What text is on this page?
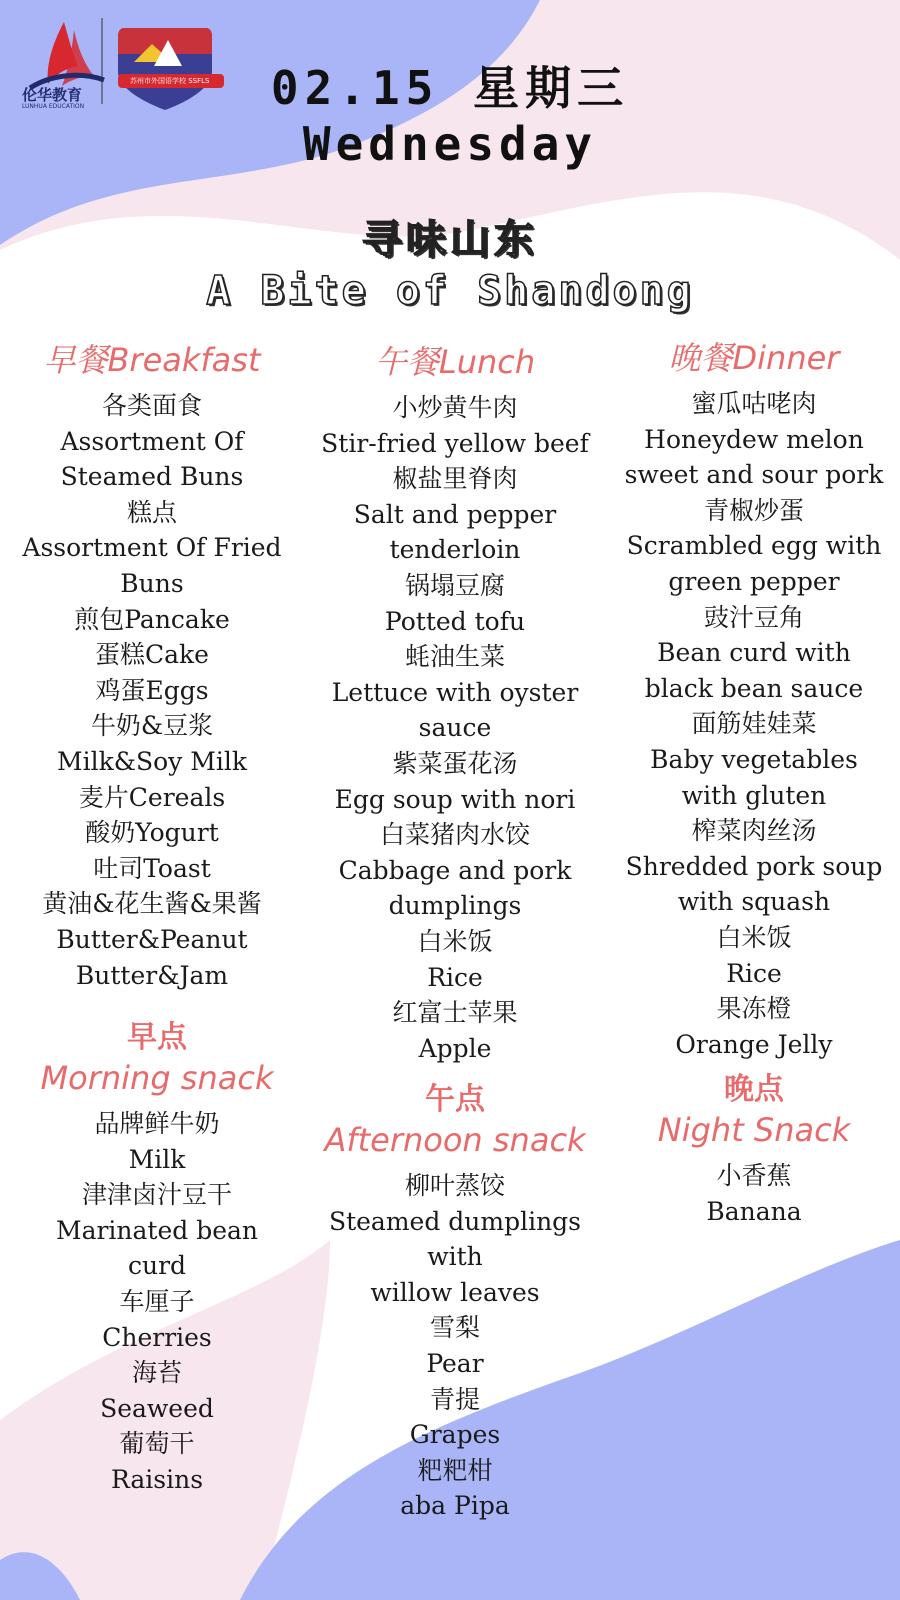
伦华教育
LUNHUA EDUCATION
苏州市外国语学校 SSFLS	02.15 星期三
Wednesday
寻味山东
A Bite of Shandong
早餐Breakfast
各类面食
Assortment Of
Steamed Buns
糕点
Assortment Of Fried
Buns
煎包Pancake
蛋糕Cake
鸡蛋Eggs
牛奶&豆浆
Milk&Soy Milk
麦片Cereals
酸奶Yogurt
吐司Toast
黄油&花生酱&果酱
Butter&Peanut
Butter&Jam
早点
Morning snack
品牌鲜牛奶
Milk
津津卤汁豆干
Marinated bean
curd
车厘子
Cherries
海苔
Seaweed
葡萄干
Raisins
午餐Lunch
小炒黄牛肉
Stir-fried yellow beef
椒盐里脊肉
Salt and pepper
tenderloin
锅塌豆腐
Potted tofu
蚝油生菜
Lettuce with oyster
sauce
紫菜蛋花汤
Egg soup with nori
白菜猪肉水饺
Cabbage and pork
dumplings
白米饭
Rice
红富士苹果
Apple
午点
Afternoon snack
柳叶蒸饺
Steamed dumplings with
willow leaves
雪梨
Pear
青提
Grapes
粑粑柑
aba Pipa
晚餐Dinner
蜜瓜咕咾肉
Honeydew melon
sweet and sour pork
青椒炒蛋
Scrambled egg with
green pepper
豉汁豆角
Bean curd with
black bean sauce
面筋娃娃菜
Baby vegetables
with gluten
榨菜肉丝汤
Shredded pork soup
with squash
白米饭
Rice
果冻橙
Orange Jelly
晚点
Night Snack
小香蕉
Banana
